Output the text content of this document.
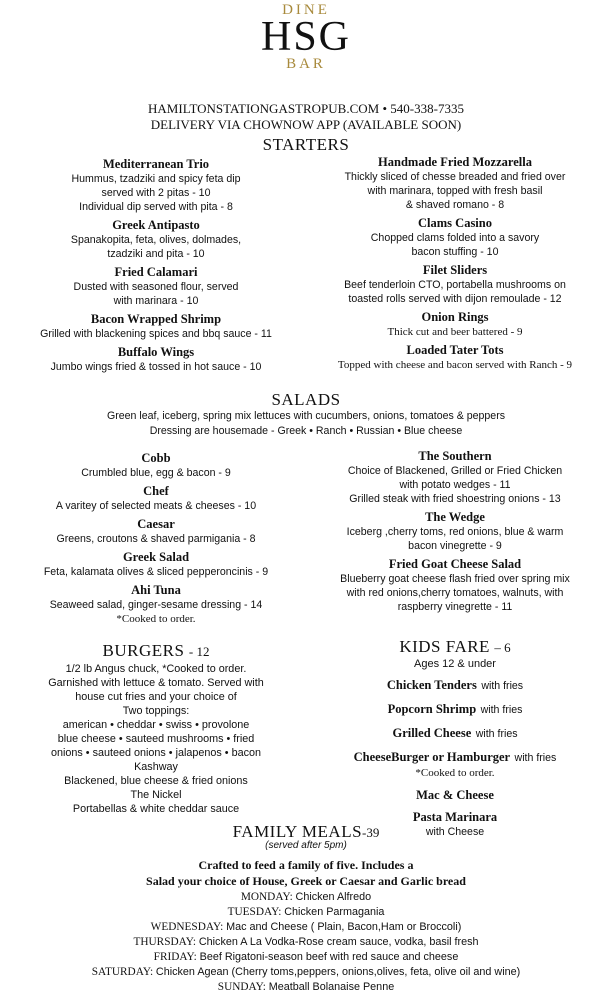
DINE
HSG
BAR
HAMILTONSTATIONGASTROPUB.COM • 540-338-7335
DELIVERY VIA CHOWNOW APP (AVAILABLE SOON)
STARTERS
Mediterranean Trio
Hummus, tzadziki and spicy feta dip
served with 2 pitas - 10
Individual dip served with pita - 8
Greek Antipasto
Spanakopita, feta, olives, dolmades,
tzadziki and pita - 10
Fried Calamari
Dusted with seasoned flour, served
with marinara - 10
Bacon Wrapped Shrimp
Grilled with blackening spices and bbq sauce - 11
Buffalo Wings
Jumbo wings fried & tossed in hot sauce - 10
Handmade Fried Mozzarella
Thickly sliced of chesse breaded and fried over
with marinara, topped with fresh basil
& shaved romano - 8
Clams Casino
Chopped clams folded into a savory
bacon stuffing - 10
Filet Sliders
Beef tenderloin CTO, portabella mushrooms on
toasted rolls served with dijon remoulade - 12
Onion Rings
Thick cut and beer battered - 9
Loaded Tater Tots
Topped with cheese and bacon served with Ranch - 9
SALADS
Green leaf, iceberg, spring mix lettuces with cucumbers, onions, tomatoes & peppers
Dressing are housemade - Greek • Ranch • Russian • Blue cheese
Cobb
Crumbled blue, egg & bacon - 9
Chef
A varitey of selected meats & cheeses - 10
Caesar
Greens, croutons & shaved parmigania - 8
Greek Salad
Feta, kalamata olives & sliced pepperoncinis - 9
Ahi Tuna
Seaweed salad, ginger-sesame dressing - 14
*Cooked to order.
The Southern
Choice of Blackened, Grilled or Fried Chicken
with potato wedges - 11
Grilled steak with fried shoestring onions - 13
The Wedge
Iceberg ,cherry toms, red onions, blue & warm
bacon vinegrette - 9
Fried Goat Cheese Salad
Blueberry goat cheese flash fried over spring mix
with red onions,cherry tomatoes, walnuts, with
raspberry vinegrette - 11
BURGERS - 12
1/2 lb Angus chuck, *Cooked to order.
Garnished with lettuce & tomato. Served with
house cut fries and your choice of
Two toppings:
american • cheddar • swiss • provolone
blue cheese • sauteed mushrooms • fried
onions • sauteed onions • jalapenos • bacon
Kashway
Blackened, blue cheese & fried onions
The Nickel
Portabellas & white cheddar sauce
KIDS FARE – 6
Ages 12 & under
Chicken Tenders with fries
Popcorn Shrimp with fries
Grilled Cheese with fries
CheeseBurger or Hamburger with fries
*Cooked to order.
Mac & Cheese
Pasta Marinara
with Cheese
FAMILY MEALS-39
(served after 5pm)
Crafted to feed a family of five. Includes a
Salad your choice of House, Greek or Caesar and Garlic bread
MONDAY: Chicken Alfredo
TUESDAY: Chicken Parmagania
WEDNESDAY: Mac and Cheese ( Plain, Bacon,Ham or Broccoli)
THURSDAY: Chicken A La Vodka-Rose cream sauce, vodka, basil fresh
FRIDAY: Beef Rigatoni-season beef with red sauce and cheese
SATURDAY: Chicken Agean (Cherry toms,peppers, onions,olives, feta, olive oil and wine)
SUNDAY: Meatball Bolanaise Penne
